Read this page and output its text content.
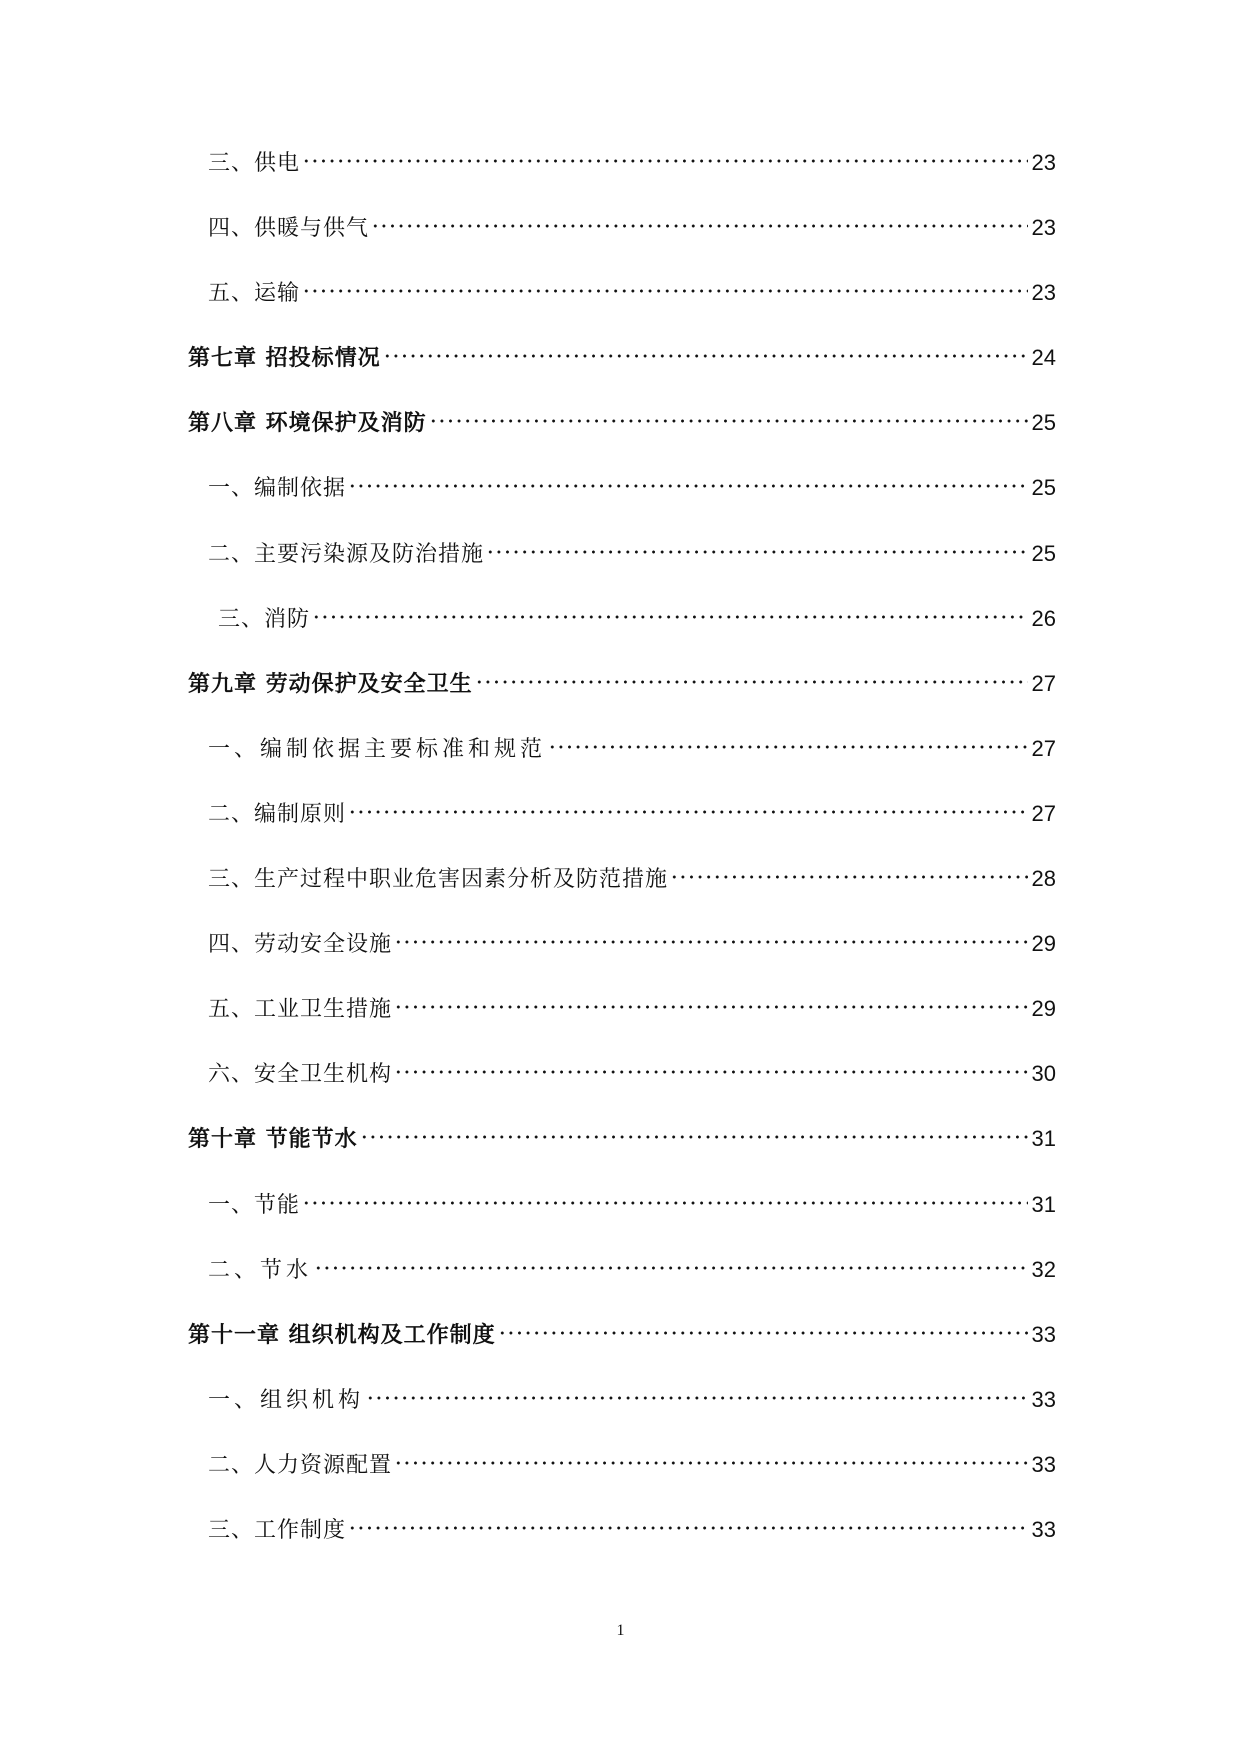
三、供电	23
四、供暖与供气	23
五、运输	23
第七章 招投标情况	24
第八章 环境保护及消防	25
一、编制依据	25
二、主要污染源及防治措施	25
三、消防	26
第九章 劳动保护及安全卫生	27
一、编制依据主要标准和规范	27
二、编制原则	27
三、生产过程中职业危害因素分析及防范措施	28
四、劳动安全设施	29
五、工业卫生措施	29
六、安全卫生机构	30
第十章 节能节水	31
一、节能	31
二、节水	32
第十一章 组织机构及工作制度	33
一、组织机构	33
二、人力资源配置	33
三、工作制度	33
1
